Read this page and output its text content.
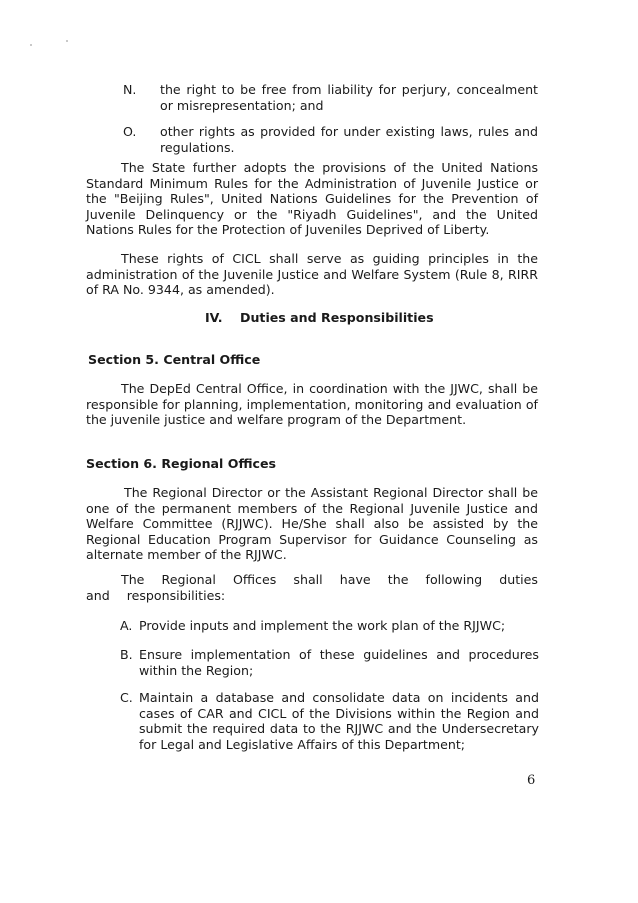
N. the right to be free from liability for perjury, concealment or misrepresentation; and
O. other rights as provided for under existing laws, rules and regulations.
The State further adopts the provisions of the United Nations Standard Minimum Rules for the Administration of Juvenile Justice or the "Beijing Rules", United Nations Guidelines for the Prevention of Juvenile Delinquency or the "Riyadh Guidelines", and the United Nations Rules for the Protection of Juveniles Deprived of Liberty.
These rights of CICL shall serve as guiding principles in the administration of the Juvenile Justice and Welfare System (Rule 8, RIRR of RA No. 9344, as amended).
IV. Duties and Responsibilities
Section 5. Central Office
The DepEd Central Office, in coordination with the JJWC, shall be responsible for planning, implementation, monitoring and evaluation of the juvenile justice and welfare program of the Department.
Section 6. Regional Offices
The Regional Director or the Assistant Regional Director shall be one of the permanent members of the Regional Juvenile Justice and Welfare Committee (RJJWC). He/She shall also be assisted by the Regional Education Program Supervisor for Guidance Counseling as alternate member of the RJJWC.
The Regional Offices shall have the following duties and responsibilities:
A. Provide inputs and implement the work plan of the RJJWC;
B. Ensure implementation of these guidelines and procedures within the Region;
C. Maintain a database and consolidate data on incidents and cases of CAR and CICL of the Divisions within the Region and submit the required data to the RJJWC and the Undersecretary for Legal and Legislative Affairs of this Department;
6
